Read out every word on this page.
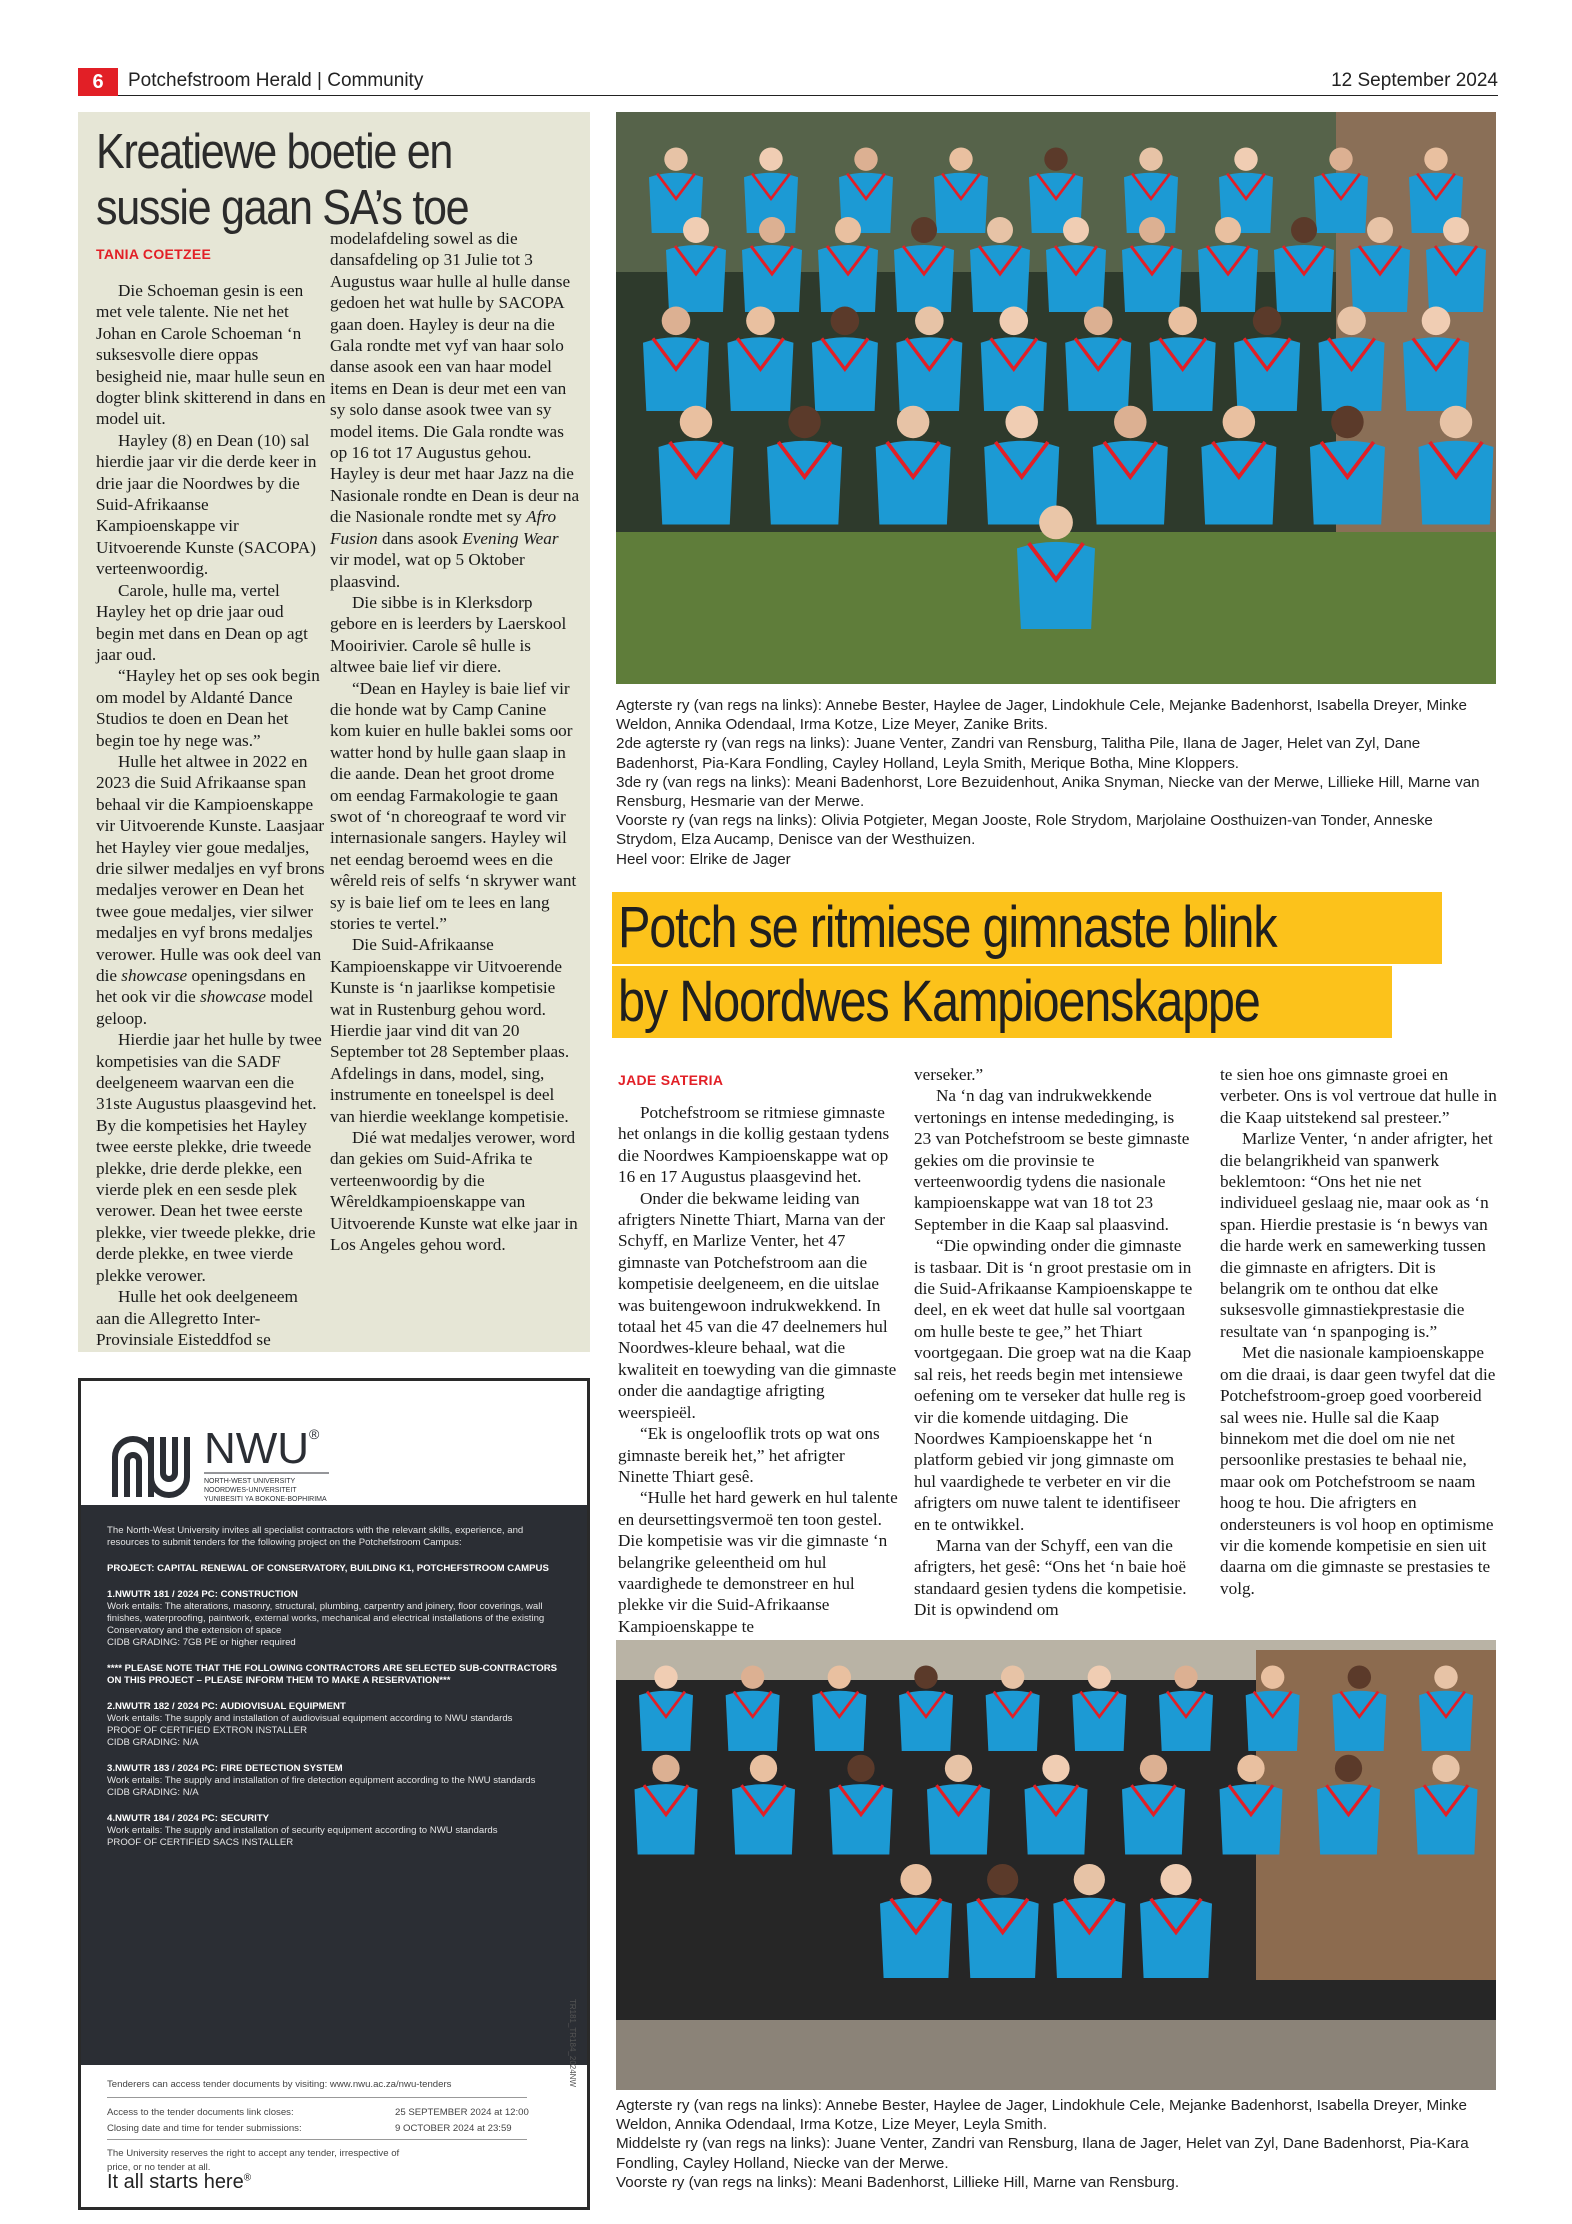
6	Potchefstroom Herald | Community	12 September 2024
Kreatiewe boetie en
sussie gaan SA’s toe
TANIA COETZEE

Die Schoeman gesin is een met vele talente. Nie net het Johan en Carole Schoeman ‘n suksesvolle diere oppas besigheid nie, maar hulle seun en dogter blink skitterend in dans en model uit.

Hayley (8) en Dean (10) sal hierdie jaar vir die derde keer in drie jaar die Noordwes by die Suid-Afrikaanse Kampioenskappe vir Uitvoerende Kunste (SACOPA) verteenwoordig.

Carole, hulle ma, vertel Hayley het op drie jaar oud begin met dans en Dean op agt jaar oud.

“Hayley het op ses ook begin om model by Aldanté Dance Studios te doen en Dean het begin toe hy nege was.”

Hulle het altwee in 2022 en 2023 die Suid Afrikaanse span behaal vir die Kampioenskappe vir Uitvoerende Kunste. Laasjaar het Hayley vier goue medaljes, drie silwer medaljes en vyf brons medaljes verower en Dean het twee goue medaljes, vier silwer medaljes en vyf brons medaljes verower. Hulle was ook deel van die showcase openingsdans en het ook vir die showcase model geloop.

Hierdie jaar het hulle by twee kompetisies van die SADF deelgeneem waarvan een die 31ste Augustus plaasgevind het. By die kompetisies het Hayley twee eerste plekke, drie tweede plekke, drie derde plekke, een vierde plek en een sesde plek verower. Dean het twee eerste plekke, vier tweede plekke, drie derde plekke, en twee vierde plekke verower.

Hulle het ook deelgeneem aan die Allegretto Inter-Provinsiale Eisteddfod se

modelafdeling sowel as die dansafdeling op 31 Julie tot 3 Augustus waar hulle al hulle danse gedoen het wat hulle by SACOPA gaan doen. Hayley is deur na die Gala rondte met vyf van haar solo danse asook een van haar model items en Dean is deur met een van sy solo danse asook twee van sy model items. Die Gala rondte was op 16 tot 17 Augustus gehou. Hayley is deur met haar Jazz na die Nasionale rondte en Dean is deur na die Nasionale rondte met sy Afro Fusion dans asook Evening Wear vir model, wat op 5 Oktober plaasvind.

Die sibbe is in Klerksdorp gebore en is leerders by Laerskool Mooirivier. Carole sê hulle is altwee baie lief vir diere.

“Dean en Hayley is baie lief vir die honde wat by Camp Canine kom kuier en hulle baklei soms oor watter hond by hulle gaan slaap in die aande. Dean het groot drome om eendag Farmakologie te gaan swot of ‘n choreograaf te word vir internasionale sangers. Hayley wil net eendag beroemd wees en die wêreld reis of selfs ‘n skrywer want sy is baie lief om te lees en lang stories te vertel.”

Die Suid-Afrikaanse Kampioenskappe vir Uitvoerende Kunste is ‘n jaarlikse kompetisie wat in Rustenburg gehou word. Hierdie jaar vind dit van 20 September tot 28 September plaas. Afdelings in dans, model, sing, instrumente en toneelspel is deel van hierdie weeklange kompetisie.

Dié wat medaljes verower, word dan gekies om Suid-Afrika te verteenwoordig by die Wêreldkampioenskappe van Uitvoerende Kunste wat elke jaar in Los Angeles gehou word.

NWU ®
NORTH-WEST UNIVERSITY
NOORDWES-UNIVERSITEIT
YUNIBESITI YA BOKONE-BOPHIRIMA
The North-West University invites all specialist contractors with the relevant skills, experience, and resources to submit tenders for the following project on the Potchefstroom Campus:
PROJECT: CAPITAL RENEWAL OF CONSERVATORY, BUILDING K1, POTCHEFSTROOM CAMPUS
1.NWUTR 181 / 2024 PC: CONSTRUCTION
Work entails: The alterations, masonry, structural, plumbing, carpentry and joinery, floor coverings, wall finishes, waterproofing, paintwork, external works, mechanical and electrical installations of the existing Conservatory and the extension of space
CIDB GRADING: 7GB PE or higher required
**** PLEASE NOTE THAT THE FOLLOWING CONTRACTORS ARE SELECTED SUB-CONTRACTORS ON THIS PROJECT – PLEASE INFORM THEM TO MAKE A RESERVATION***
2.NWUTR 182 / 2024 PC: AUDIOVISUAL EQUIPMENT
Work entails: The supply and installation of audiovisual equipment according to NWU standards
PROOF OF CERTIFIED EXTRON INSTALLER
CIDB GRADING: N/A
3.NWUTR 183 / 2024 PC: FIRE DETECTION SYSTEM
Work entails: The supply and installation of fire detection equipment according to the NWU standards
CIDB GRADING: N/A
4.NWUTR 184 / 2024 PC: SECURITY
Work entails: The supply and installation of security equipment according to NWU standards
PROOF OF CERTIFIED SACS INSTALLER
Tenderers can access tender documents by visiting: www.nwu.ac.za/nwu-tenders
Access to the tender documents link closes:	25 SEPTEMBER 2024 at 12:00
Closing date and time for tender submissions:	9 OCTOBER 2024 at 23:59
The University reserves the right to accept any tender, irrespective of price, or no tender at all.
TR181_TR184_2024NW
It all starts here®
Agterste ry (van regs na links): Annebe Bester, Haylee de Jager, Lindokhule Cele, Mejanke Badenhorst, Isabella Dreyer, Minke Weldon, Annika Odendaal, Irma Kotze, Lize Meyer, Zanike Brits.
2de agterste ry (van regs na links): Juane Venter, Zandri van Rensburg, Talitha Pile, Ilana de Jager, Helet van Zyl, Dane Badenhorst, Pia-Kara Fondling, Cayley Holland, Leyla Smith, Merique Botha, Mine Kloppers.
3de ry (van regs na links): Meani Badenhorst, Lore Bezuidenhout, Anika Snyman, Niecke van der Merwe, Lillieke Hill, Marne van Rensburg, Hesmarie van der Merwe.
Voorste ry (van regs na links): Olivia Potgieter, Megan Jooste, Role Strydom, Marjolaine Oosthuizen-van Tonder, Anneske Strydom, Elza Aucamp, Denisce van der Westhuizen.
Heel voor: Elrike de Jager
Potch se ritmiese gimnaste blink
by Noordwes Kampioenskappe
JADE SATERIA

Potchefstroom se ritmiese gimnaste het onlangs in die kollig gestaan tydens die Noordwes Kampioenskappe wat op 16 en 17 Augustus plaasgevind het.

Onder die bekwame leiding van afrigters Ninette Thiart, Marna van der Schyff, en Marlize Venter, het 47 gimnaste van Potchefstroom aan die kompetisie deelgeneem, en die uitslae was buitengewoon indrukwekkend. In totaal het 45 van die 47 deelnemers hul Noordwes-kleure behaal, wat die kwaliteit en toewyding van die gimnaste onder die aandagtige afrigting weerspieël.

“Ek is ongelooflik trots op wat ons gimnaste bereik het,” het afrigter Ninette Thiart gesê.

“Hulle het hard gewerk en hul talente en deursettingsvermoë ten toon gestel. Die kompetisie was vir die gimnaste ‘n belangrike geleentheid om hul vaardighede te demonstreer en hul plekke vir die Suid-Afrikaanse Kampioenskappe te

verseker.”

Na ‘n dag van indrukwekkende vertonings en intense mededinging, is 23 van Potchefstroom se beste gimnaste gekies om die provinsie te verteenwoordig tydens die nasionale kampioenskappe wat van 18 tot 23 September in die Kaap sal plaasvind.

“Die opwinding onder die gimnaste is tasbaar. Dit is ‘n groot prestasie om in die Suid-Afrikaanse Kampioenskappe te deel, en ek weet dat hulle sal voortgaan om hulle beste te gee,” het Thiart voortgegaan. Die groep wat na die Kaap sal reis, het reeds begin met intensiewe oefening om te verseker dat hulle reg is vir die komende uitdaging. Die Noordwes Kampioenskappe het ‘n platform gebied vir jong gimnaste om hul vaardighede te verbeter en vir die afrigters om nuwe talent te identifiseer en te ontwikkel.

Marna van der Schyff, een van die afrigters, het gesê: “Ons het ‘n baie hoë standaard gesien tydens die kompetisie. Dit is opwindend om

te sien hoe ons gimnaste groei en verbeter. Ons is vol vertroue dat hulle in die Kaap uitstekend sal presteer.”

Marlize Venter, ‘n ander afrigter, het die belangrikheid van spanwerk beklemtoon: “Ons het nie net individueel geslaag nie, maar ook as ‘n span. Hierdie prestasie is ‘n bewys van die harde werk en samewerking tussen die gimnaste en afrigters. Dit is belangrik om te onthou dat elke suksesvolle gimnastiekprestasie die resultate van ‘n spanpoging is.”

Met die nasionale kampioenskappe om die draai, is daar geen twyfel dat die Potchefstroom-groep goed voorbereid sal wees nie. Hulle sal die Kaap binnekom met die doel om nie net persoonlike prestasies te behaal nie, maar ook om Potchefstroom se naam hoog te hou. Die afrigters en ondersteuners is vol hoop en optimisme vir die komende kompetisie en sien uit daarna om die gimnaste se prestasies te volg.

Agterste ry (van regs na links): Annebe Bester, Haylee de Jager, Lindokhule Cele, Mejanke Badenhorst, Isabella Dreyer, Minke Weldon, Annika Odendaal, Irma Kotze, Lize Meyer, Leyla Smith.
Middelste ry (van regs na links): Juane Venter, Zandri van Rensburg, Ilana de Jager, Helet van Zyl, Dane Badenhorst, Pia-Kara Fondling, Cayley Holland, Niecke van der Merwe.
Voorste ry (van regs na links): Meani Badenhorst, Lillieke Hill, Marne van Rensburg.
